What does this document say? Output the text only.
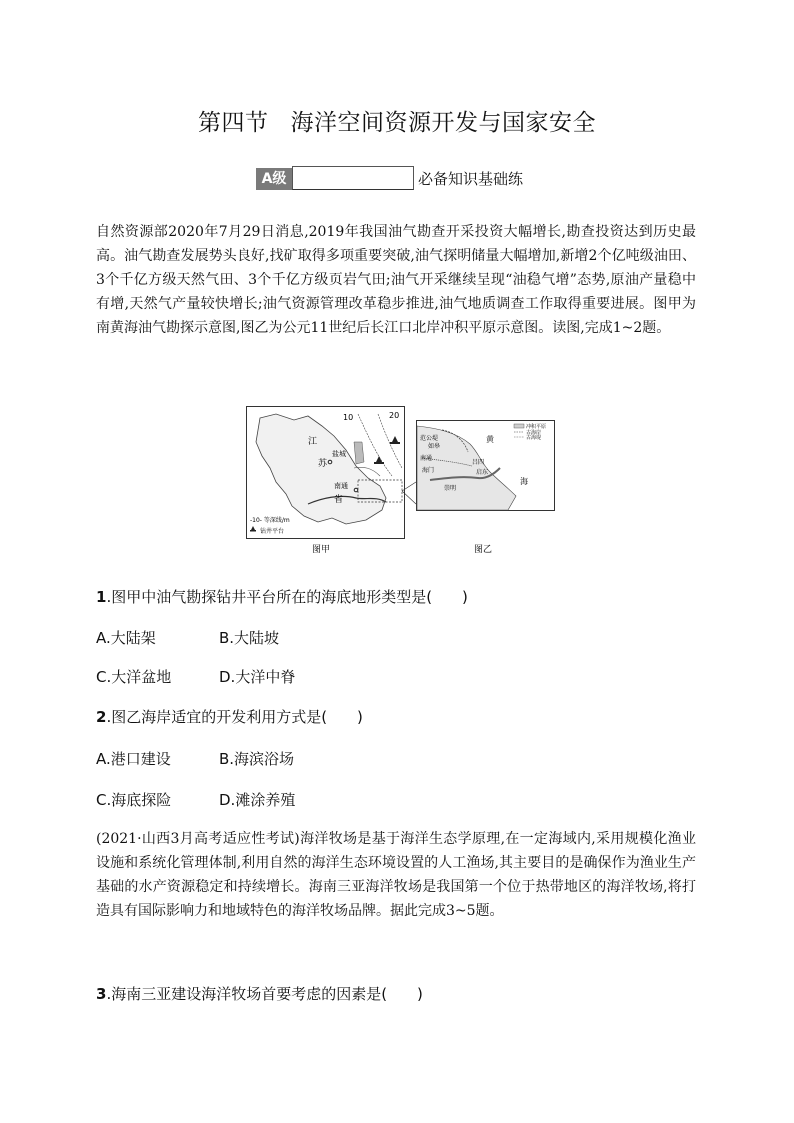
第四节 海洋空间资源开发与国家安全
A级	必备知识基础练
自然资源部2020年7月29日消息,2019年我国油气勘查开采投资大幅增长,勘查投资达到历史最高。油气勘查发展势头良好,找矿取得多项重要突破,油气探明储量大幅增加,新增2个亿吨级油田、3个千亿方级天然气田、3个千亿方级页岩气田;油气开采继续呈现“油稳气增”态势,原油产量稳中有增,天然气产量较快增长;油气资源管理改革稳步推进,油气地质调查工作取得重要进展。图甲为南黄海油气勘探示意图,图乙为公元11世纪后长江口北岸冲积平原示意图。读图,完成1~2题。
10	20
江
苏
盐城
南通
省
-10- 等深线/m
钻井平台
冲积平原
古海岸
古海堤
范公堤
如皋
南通
海门
吕四
启东
崇明
黄
海
图甲	图乙
1.图甲中油气勘探钻井平台所在的海底地形类型是(　　)
A.大陆架	B.大陆坡
C.大洋盆地	D.大洋中脊
2.图乙海岸适宜的开发利用方式是(　　)
A.港口建设	B.海滨浴场
C.海底探险	D.滩涂养殖
(2021·山西3月高考适应性考试)海洋牧场是基于海洋生态学原理,在一定海域内,采用规模化渔业设施和系统化管理体制,利用自然的海洋生态环境设置的人工渔场,其主要目的是确保作为渔业生产基础的水产资源稳定和持续增长。海南三亚海洋牧场是我国第一个位于热带地区的海洋牧场,将打造具有国际影响力和地域特色的海洋牧场品牌。据此完成3~5题。
3.海南三亚建设海洋牧场首要考虑的因素是(　　)
